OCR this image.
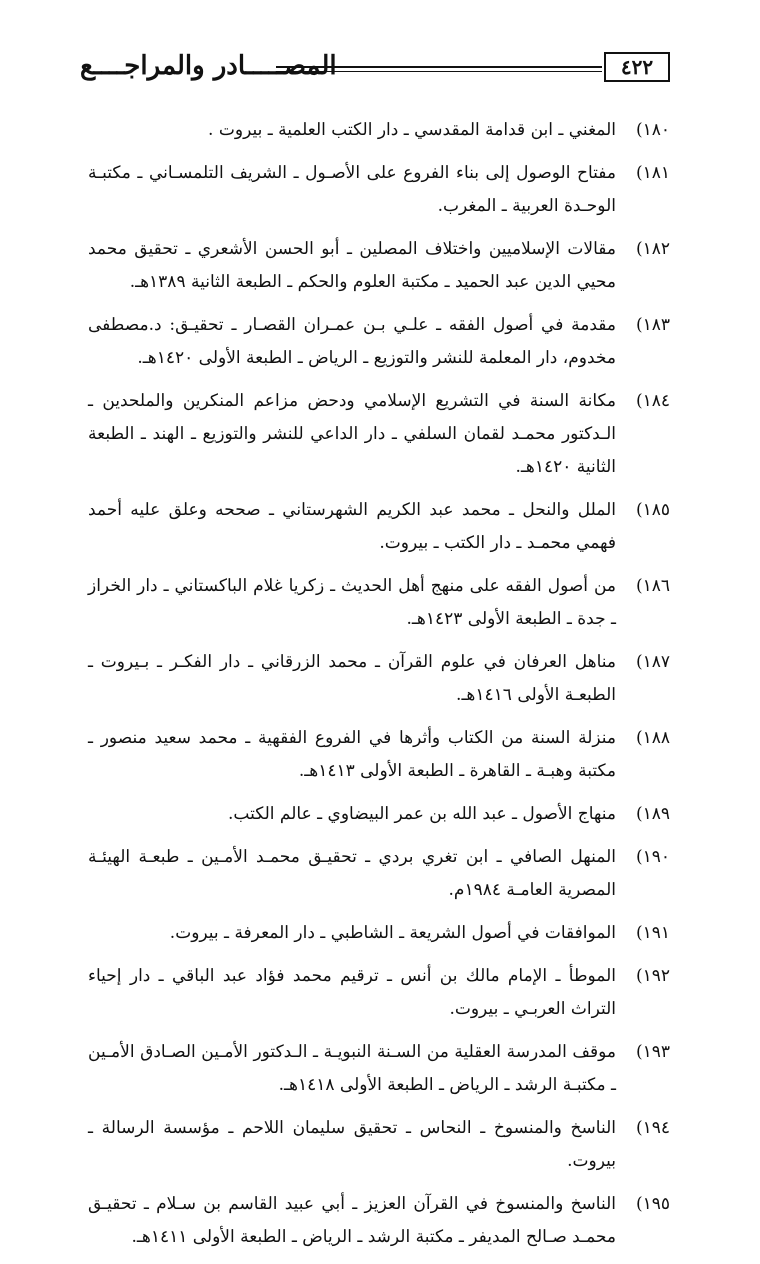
المصـــــادر والمراجــــع	٤٢٢
١٨٠)
المغني ـ ابن قدامة المقدسي ـ دار الكتب العلمية ـ بيروت .
١٨١)
مفتاح الوصول إلى بناء الفروع على الأصـول ـ الشريف التلمسـاني ـ مكتبـة الوحـدة العربية ـ المغرب.
١٨٢)
مقالات الإسلاميين واختلاف المصلين ـ أبو الحسن الأشعري ـ تحقيق محمد محيي الدين عبد الحميد ـ مكتبة العلوم والحكم ـ الطبعة الثانية ١٣٨٩هـ.
١٨٣)
مقدمة في أصول الفقه ـ علـي بـن عمـران القصـار ـ تحقيـق: د.مصطفى مخدوم، دار المعلمة للنشر والتوزيع ـ الرياض ـ الطبعة الأولى ١٤٢٠هـ.
١٨٤)
مكانة السنة في التشريع الإسلامي ودحض مزاعم المنكرين والملحدين ـ الـدكتور محمـد لقمان السلفي ـ دار الداعي للنشر والتوزيع ـ الهند ـ الطبعة الثانية ١٤٢٠هـ.
١٨٥)
الملل والنحل ـ محمد عبد الكريم الشهرستاني ـ صححه وعلق عليه أحمد فهمي محمـد ـ دار الكتب ـ بيروت.
١٨٦)
من أصول الفقه على منهج أهل الحديث ـ زكريا غلام الباكستاني ـ دار الخراز ـ جدة ـ الطبعة الأولى ١٤٢٣هـ.
١٨٧)
مناهل العرفان في علوم القرآن ـ محمد الزرقاني ـ دار الفكـر ـ بـيروت ـ الطبعـة الأولى ١٤١٦هـ.
١٨٨)
منزلة السنة من الكتاب وأثرها في الفروع الفقهية ـ محمد سعيد منصور ـ مكتبة وهبـة ـ القاهرة ـ الطبعة الأولى ١٤١٣هـ.
١٨٩)
منهاج الأصول ـ عبد الله بن عمر البيضاوي ـ عالم الكتب.
١٩٠)
المنهل الصافي ـ ابن تغري بردي ـ تحقيـق محمـد الأمـين ـ طبعـة الهيئـة المصرية العامـة ١٩٨٤م.
١٩١)
الموافقات في أصول الشريعة ـ الشاطبي ـ دار المعرفة ـ بيروت.
١٩٢)
الموطأ ـ الإمام مالك بن أنس ـ ترقيم محمد فؤاد عبد الباقي ـ دار إحياء التراث العربـي ـ بيروت.
١٩٣)
موقف المدرسة العقلية من السـنة النبويـة ـ الـدكتور الأمـين الصـادق الأمـين ـ مكتبـة الرشد ـ الرياض ـ الطبعة الأولى ١٤١٨هـ.
١٩٤)
الناسخ والمنسوخ ـ النحاس ـ تحقيق سليمان اللاحم ـ مؤسسة الرسالة ـ بيروت.
١٩٥)
الناسخ والمنسوخ في القرآن العزيز ـ أبي عبيد القاسم بن سـلام ـ تحقيـق محمـد صـالح المديفر ـ مكتبة الرشد ـ الرياض ـ الطبعة الأولى ١٤١١هـ.
